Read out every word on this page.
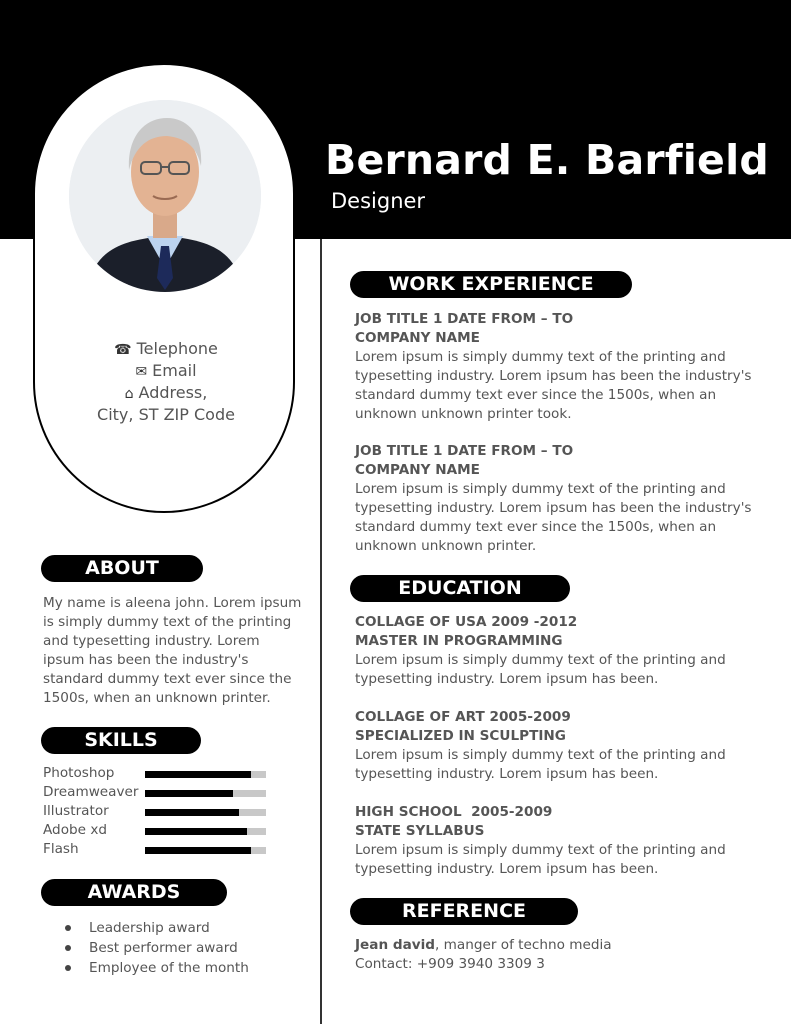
Bernard E. Barfield
Designer
☎ Telephone
✉ Email
⌂ Address,
City, ST ZIP Code
ABOUT
My name is aleena john. Lorem ipsum is simply dummy text of the printing and typesetting industry. Lorem ipsum has been the industry's standard dummy text ever since the 1500s, when an unknown printer.
SKILLS
Photoshop
Dreamweaver
Illustrator
Adobe xd
Flash
AWARDS
Leadership award
Best performer award
Employee of the month
WORK EXPERIENCE
JOB TITLE 1 DATE FROM – TO
COMPANY NAME
Lorem ipsum is simply dummy text of the printing and typesetting industry. Lorem ipsum has been the industry's standard dummy text ever since the 1500s, when an unknown unknown printer took.
JOB TITLE 1 DATE FROM – TO
COMPANY NAME
Lorem ipsum is simply dummy text of the printing and typesetting industry. Lorem ipsum has been the industry's standard dummy text ever since the 1500s, when an unknown unknown printer.
EDUCATION
COLLAGE OF USA 2009 -2012
MASTER IN PROGRAMMING
Lorem ipsum is simply dummy text of the printing and typesetting industry. Lorem ipsum has been.
COLLAGE OF ART 2005-2009
SPECIALIZED IN SCULPTING
Lorem ipsum is simply dummy text of the printing and typesetting industry. Lorem ipsum has been.
HIGH SCHOOL  2005-2009
STATE SYLLABUS
Lorem ipsum is simply dummy text of the printing and typesetting industry. Lorem ipsum has been.
REFERENCE
Jean david, manger of techno media
Contact: +909 3940 3309 3
